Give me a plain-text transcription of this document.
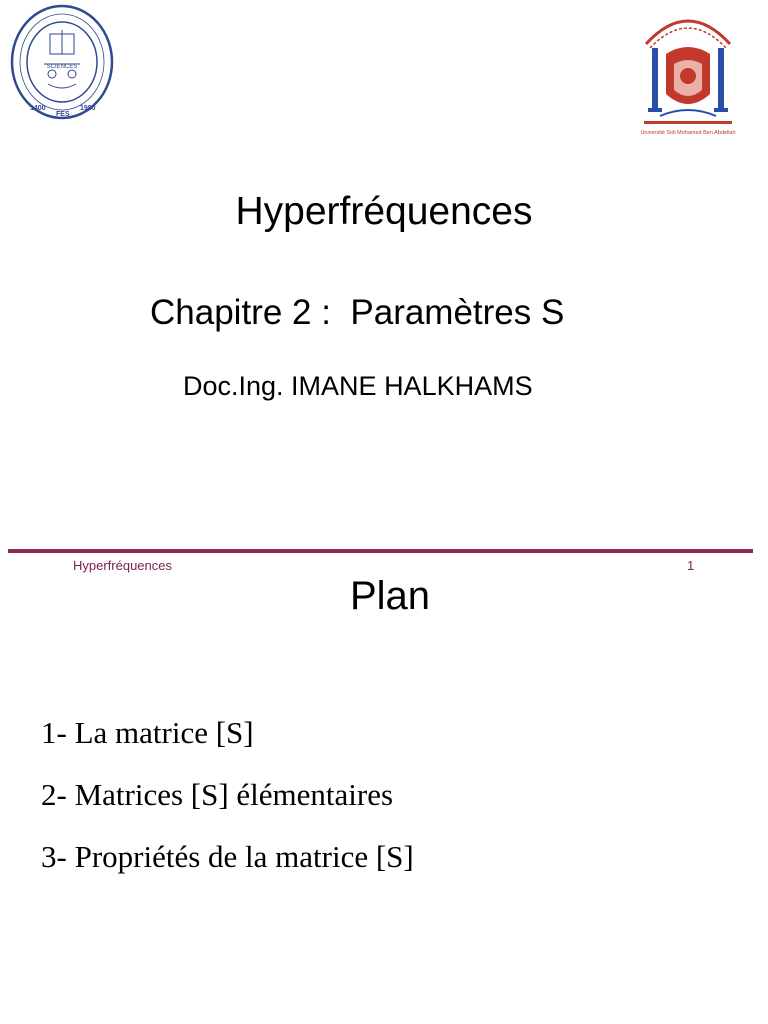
SCIENCES
1400
FES
1980
Université Sidi Mohamed Ben Abdellah
Hyperfréquences
Chapitre 2 :  Paramètres S
Doc.Ing. IMANE HALKHAMS
Hyperfréquences	1
Plan
1- La matrice [S]
2- Matrices [S] élémentaires
3- Propriétés de la matrice [S]
